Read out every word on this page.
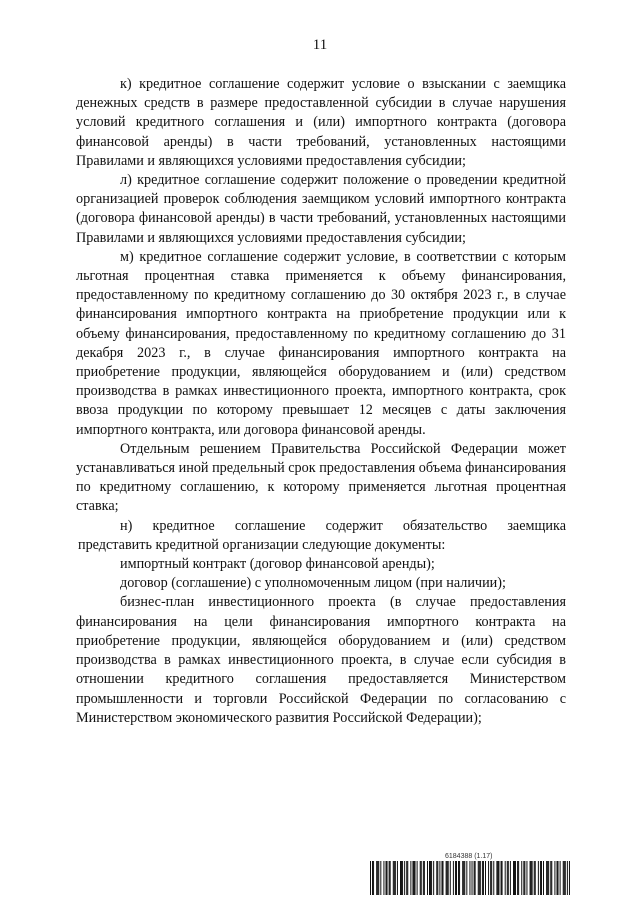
11

к) кредитное соглашение содержит условие о взыскании с заемщика денежных средств в размере предоставленной субсидии в случае нарушения условий кредитного соглашения и (или) импортного контракта (договора финансовой аренды) в части требований, установленных настоящими Правилами и являющихся условиями предоставления субсидии;

л) кредитное соглашение содержит положение о проведении кредитной организацией проверок соблюдения заемщиком условий импортного контракта (договора финансовой аренды) в части требований, установленных настоящими Правилами и являющихся условиями предоставления субсидии;

м) кредитное соглашение содержит условие, в соответствии с которым льготная процентная ставка применяется к объему финансирования, предоставленному по кредитному соглашению до 30 октября 2023 г., в случае финансирования импортного контракта на приобретение продукции или к объему финансирования, предоставленному по кредитному соглашению до 31 декабря 2023 г., в случае финансирования импортного контракта на приобретение продукции, являющейся оборудованием и (или) средством производства в рамках инвестиционного проекта, импортного контракта, срок ввоза продукции по которому превышает 12 месяцев с даты заключения импортного контракта, или договора финансовой аренды.

Отдельным решением Правительства Российской Федерации может устанавливаться иной предельный срок предоставления объема финансирования по кредитному соглашению, к которому применяется льготная процентная ставка;

н) кредитное соглашение содержит обязательство заемщика

представить кредитной организации следующие документы:

импортный контракт (договор финансовой аренды);

договор (соглашение) с уполномоченным лицом (при наличии);

бизнес-план инвестиционного проекта (в случае предоставления финансирования на цели финансирования импортного контракта на приобретение продукции, являющейся оборудованием и (или) средством производства в рамках инвестиционного проекта, в случае если субсидия в отношении кредитного соглашения предоставляется Министерством промышленности и торговли Российской Федерации по согласованию с Министерством экономического развития Российской Федерации);

6184388 (1.17)
